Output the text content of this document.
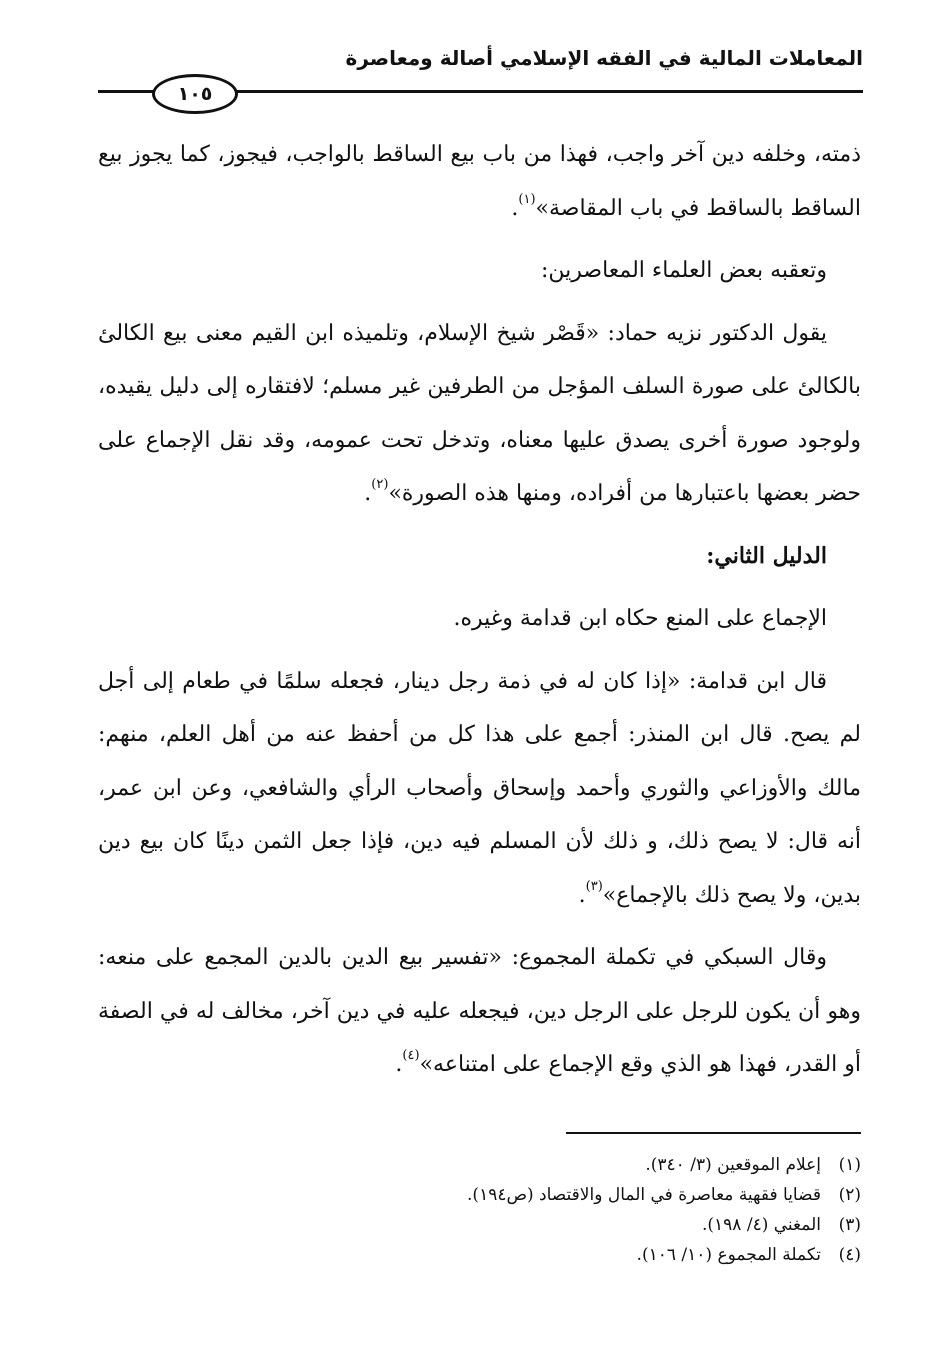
المعاملات المالية في الفقه الإسلامي أصالة ومعاصرة
١٠٥

ذمته، وخلفه دين آخر واجب، فهذا من باب بيع الساقط بالواجب، فيجوز، كما يجوز بيع الساقط بالساقط في باب المقاصة»$^{(١)}$.

وتعقبه بعض العلماء المعاصرين:

يقول الدكتور نزيه حماد: «قَصْر شيخ الإسلام، وتلميذه ابن القيم معنى بيع الكالئ بالكالئ على صورة السلف المؤجل من الطرفين غير مسلم؛ لافتقاره إلى دليل يقيده، ولوجود صورة أخرى يصدق عليها معناه، وتدخل تحت عمومه، وقد نقل الإجماع على حضر بعضها باعتبارها من أفراده، ومنها هذه الصورة»$^{(٢)}$.

الدليل الثاني:

الإجماع على المنع حكاه ابن قدامة وغيره.

قال ابن قدامة: «إذا كان له في ذمة رجل دينار، فجعله سلمًا في طعام إلى أجل لم يصح. قال ابن المنذر: أجمع على هذا كل من أحفظ عنه من أهل العلم، منهم: مالك والأوزاعي والثوري وأحمد وإسحاق وأصحاب الرأي والشافعي، وعن ابن عمر، أنه قال: لا يصح ذلك، و ذلك لأن المسلم فيه دين، فإذا جعل الثمن دينًا كان بيع دين بدين، ولا يصح ذلك بالإجماع»$^{(٣)}$.

وقال السبكي في تكملة المجموع: «تفسير بيع الدين بالدين المجمع على منعه: وهو أن يكون للرجل على الرجل دين، فيجعله عليه في دين آخر، مخالف له في الصفة أو القدر، فهذا هو الذي وقع الإجماع على امتناعه»$^{(٤)}$.

(١)إعلام الموقعين (٣/ ٣٤٠).
(٢)قضايا فقهية معاصرة في المال والاقتصاد (ص١٩٤).
(٣)المغني (٤/ ١٩٨).
(٤)تكملة المجموع (١٠/ ١٠٦).
